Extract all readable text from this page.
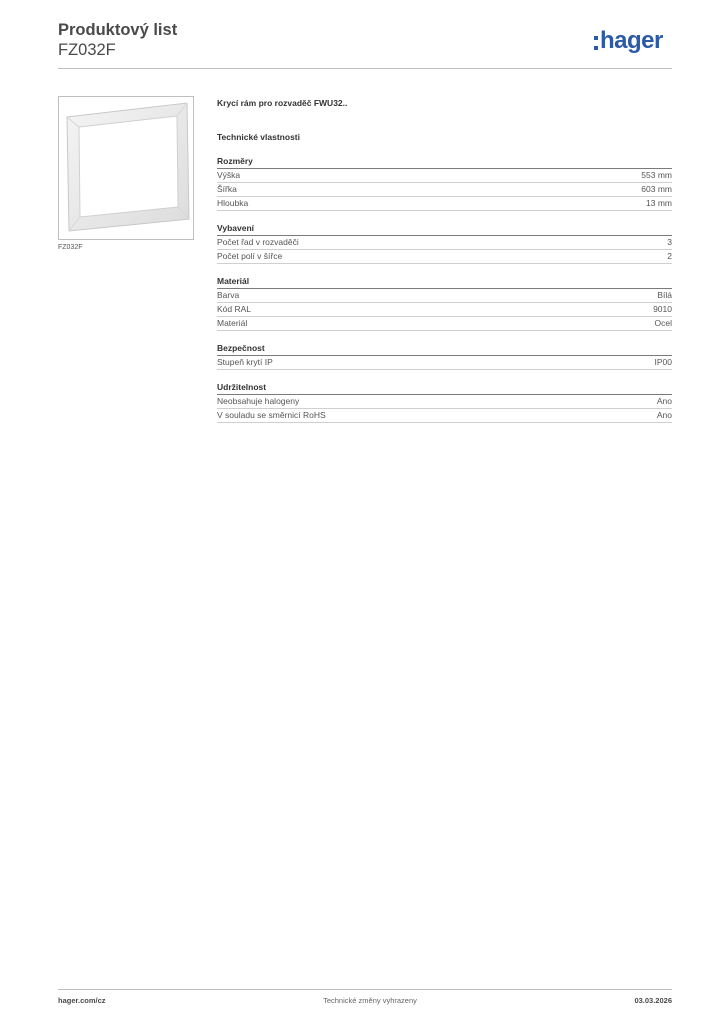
Produktový list
FZ032F	hager
FZ032F
Krycí rám pro rozvaděč FWU32..
Technické vlastnosti
Rozměry
Výška	553 mm
Šířka	603 mm
Hloubka	13 mm
Vybavení
Počet řad v rozvaděči	3
Počet polí v šířce	2
Materiál
Barva	Bílá
Kód RAL	9010
Materiál	Ocel
Bezpečnost
Stupeň krytí IP	IP00
Udržitelnost
Neobsahuje halogeny	Ano
V souladu se směrnicí RoHS	Ano
hager.com/cz	Technické změny vyhrazeny	03.03.2026
